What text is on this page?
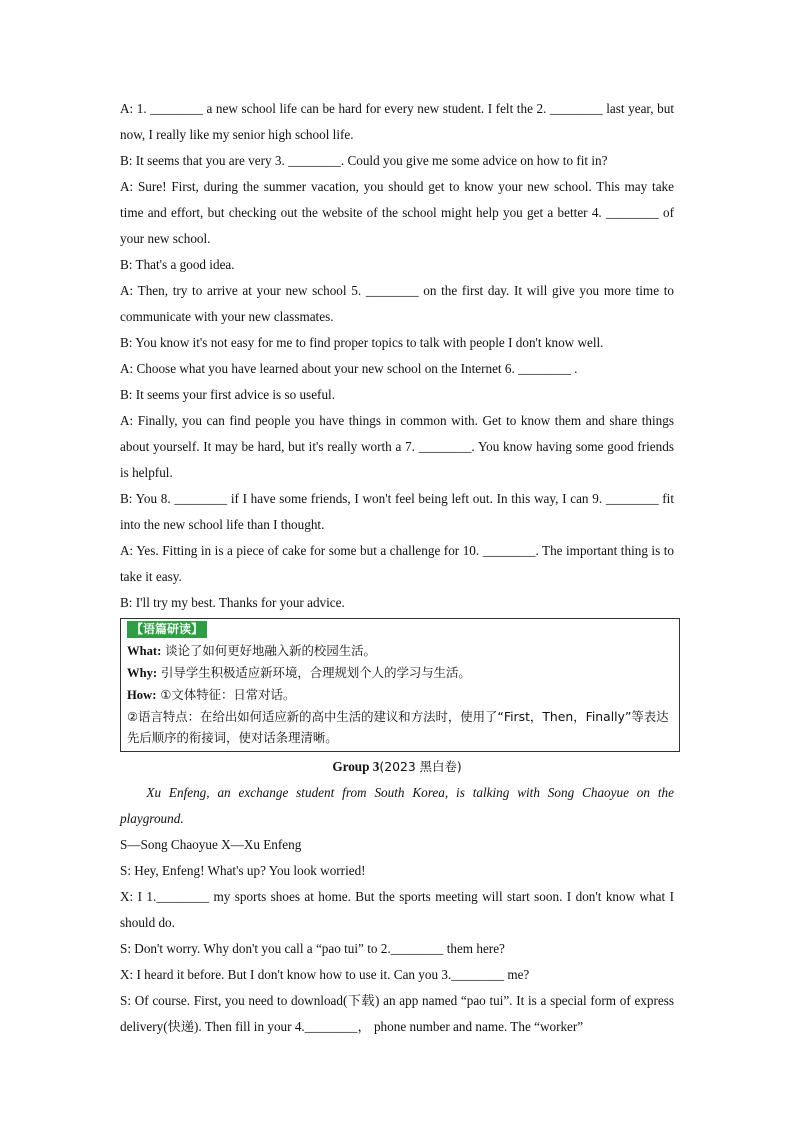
A: 1. ________ a new school life can be hard for every new student. I felt the 2. ________ last year, but now, I really like my senior high school life.

B: It seems that you are very 3. ________. Could you give me some advice on how to fit in?

A: Sure! First, during the summer vacation, you should get to know your new school. This may take time and effort, but checking out the website of the school might help you get a better 4. ________ of your new school.

B: That's a good idea.

A: Then, try to arrive at your new school 5. ________ on the first day. It will give you more time to communicate with your new classmates.

B: You know it's not easy for me to find proper topics to talk with people I don't know well.

A: Choose what you have learned about your new school on the Internet 6. ________ .

B: It seems your first advice is so useful.

A: Finally, you can find people you have things in common with. Get to know them and share things about yourself. It may be hard, but it's really worth a 7. ________. You know having some good friends is helpful.

B: You 8. ________ if I have some friends, I won't feel being left out. In this way, I can 9. ________ fit into the new school life than I thought.

A: Yes. Fitting in is a piece of cake for some but a challenge for 10. ________. The important thing is to take it easy.

B: I'll try my best. Thanks for your advice.

【语篇研读】
What: 谈论了如何更好地融入新的校园生活。
Why: 引导学生积极适应新环境，合理规划个人的学习与生活。
How: ①文体特征：日常对话。
②语言特点：在给出如何适应新的高中生活的建议和方法时，使用了“First，Then，Finally”等表达先后顺序的衔接词，使对话条理清晰。
Group 3(2023 黑白卷)

Xu Enfeng, an exchange student from South Korea, is talking with Song Chaoyue on the playground.

S—Song Chaoyue X—Xu Enfeng

S: Hey, Enfeng! What's up? You look worried!

X: I 1.________ my sports shoes at home. But the sports meeting will start soon. I don't know what I should do.

S: Don't worry. Why don't you call a “pao tui” to 2.________ them here?

X: I heard it before. But I don't know how to use it. Can you 3.________ me?

S: Of course. First, you need to download(下载) an app named “pao tui”. It is a special form of express delivery(快递). Then fill in your 4.________， phone number and name. The “worker”
